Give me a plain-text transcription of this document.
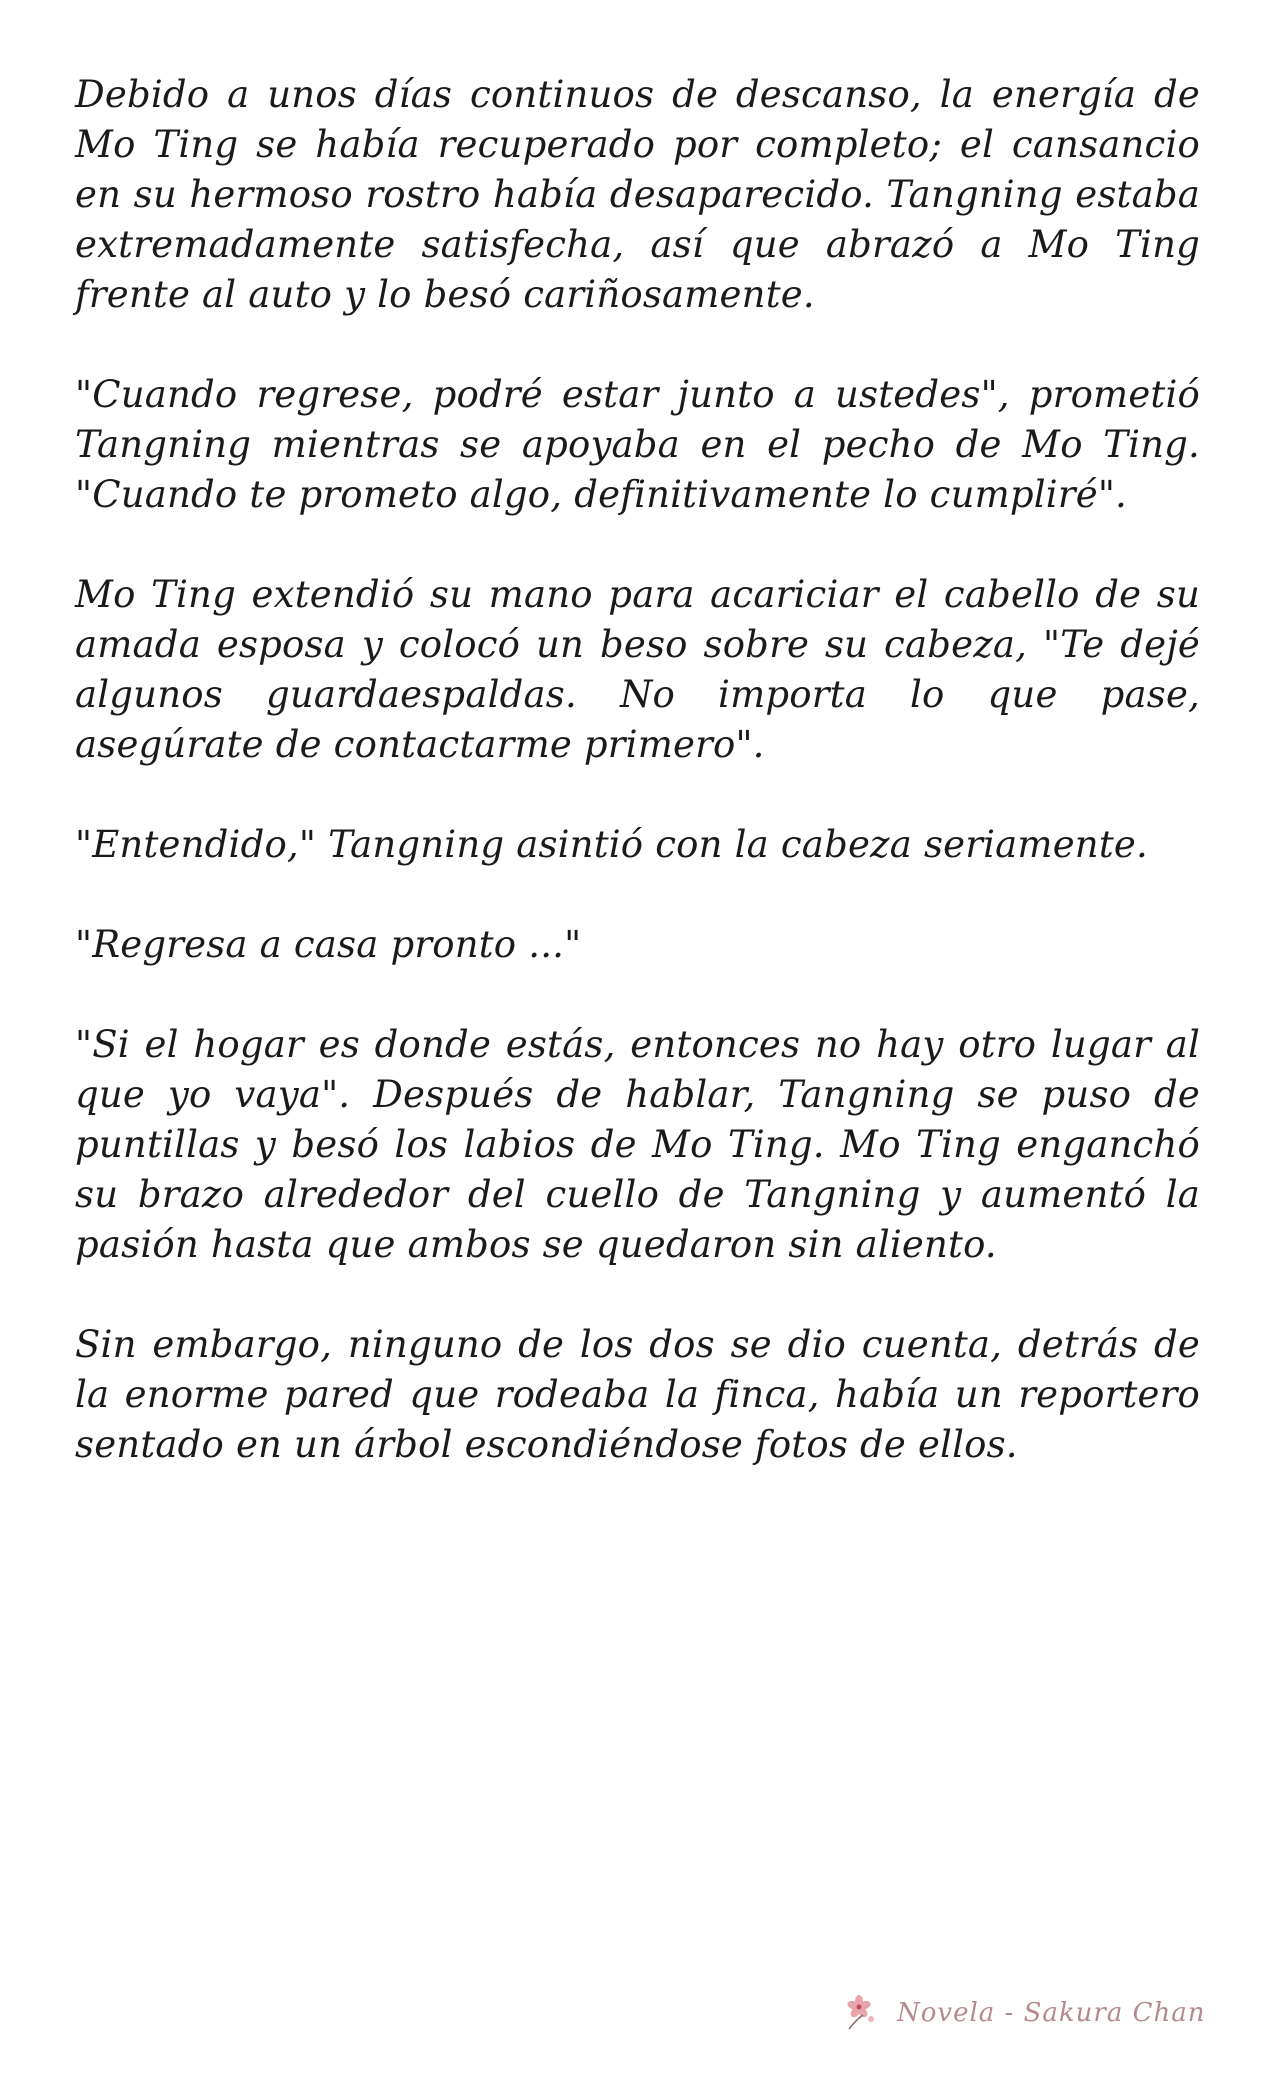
Debido a unos días continuos de descanso, la energía de Mo Ting se había recuperado por completo; el cansancio en su hermoso rostro había desaparecido. Tangning estaba extremadamente satisfecha, así que abrazó a Mo Ting frente al auto y lo besó cariñosamente.

"Cuando regrese, podré estar junto a ustedes", prometió Tangning mientras se apoyaba en el pecho de Mo Ting. "Cuando te prometo algo, definitivamente lo cumpliré".

Mo Ting extendió su mano para acariciar el cabello de su amada esposa y colocó un beso sobre su cabeza, "Te dejé algunos guardaespaldas. No importa lo que pase, asegúrate de contactarme primero".

"Entendido," Tangning asintió con la cabeza seriamente.

"Regresa a casa pronto ..."

"Si el hogar es donde estás, entonces no hay otro lugar al que yo vaya". Después de hablar, Tangning se puso de puntillas y besó los labios de Mo Ting. Mo Ting enganchó su brazo alrededor del cuello de Tangning y aumentó la pasión hasta que ambos se quedaron sin aliento.

Sin embargo, ninguno de los dos se dio cuenta, detrás de la enorme pared que rodeaba la finca, había un reportero sentado en un árbol escondiéndose fotos de ellos.

Novela - Sakura Chan
